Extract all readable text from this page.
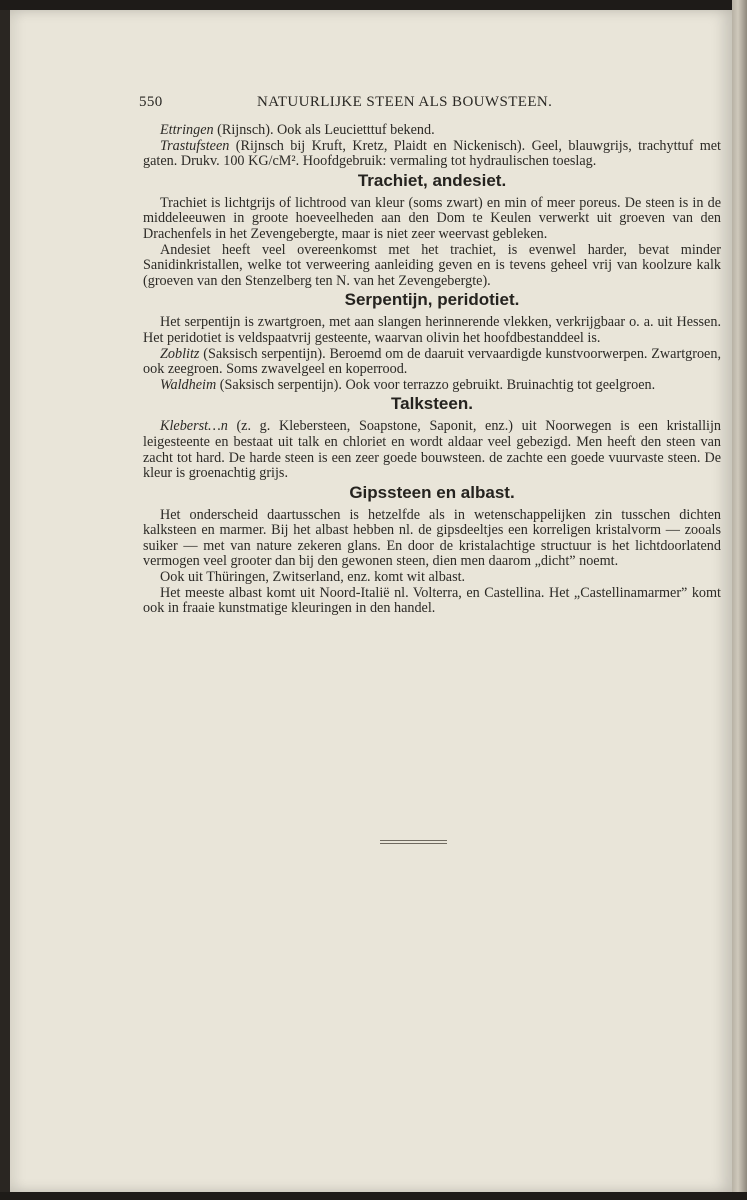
550	NATUURLIJKE STEEN ALS BOUWSTEEN.

Ettringen (Rijnsch). Ook als Leucietttuf bekend.

Trastufsteen (Rijnsch bij Kruft, Kretz, Plaidt en Nickenisch). Geel, blauwgrijs, trachyttuf met gaten. Drukv. 100 KG/cM². Hoofdgebruik: vermaling tot hydraulischen toeslag.

Trachiet, andesiet.

Trachiet is lichtgrijs of lichtrood van kleur (soms zwart) en min of meer poreus. De steen is in de middeleeuwen in groote hoeveelheden aan den Dom te Keulen verwerkt uit groeven van den Drachenfels in het Zevengebergte, maar is niet zeer weervast gebleken.

Andesiet heeft veel overeenkomst met het trachiet, is evenwel harder, bevat minder Sanidinkristallen, welke tot verweering aanleiding geven en is tevens geheel vrij van koolzure kalk (groeven van den Stenzelberg ten N. van het Zevengebergte).

Serpentijn, peridotiet.

Het serpentijn is zwartgroen, met aan slangen herinnerende vlekken, verkrijgbaar o. a. uit Hessen. Het peridotiet is veldspaatvrij gesteente, waarvan olivin het hoofdbestanddeel is.

Zoblitz (Saksisch serpentijn). Beroemd om de daaruit vervaardigde kunstvoorwerpen. Zwartgroen, ook zeegroen. Soms zwavelgeel en koperrood.

Waldheim (Saksisch serpentijn). Ook voor terrazzo gebruikt. Bruinachtig tot geelgroen.

Talksteen.

Kleberst…n (z. g. Klebersteen, Soapstone, Saponit, enz.) uit Noorwegen is een kristallijn leigesteente en bestaat uit talk en chloriet en wordt aldaar veel gebezigd. Men heeft den steen van zacht tot hard. De harde steen is een zeer goede bouwsteen. de zachte een goede vuurvaste steen. De kleur is groenachtig grijs.

Gipssteen en albast.

Het onderscheid daartusschen is hetzelfde als in wetenschappelijken zin tusschen dichten kalksteen en marmer. Bij het albast hebben nl. de gipsdeeltjes een korreligen kristalvorm — zooals suiker — met van nature zekeren glans. En door de kristalachtige structuur is het lichtdoorlatend vermogen veel grooter dan bij den gewonen steen, dien men daarom „dicht” noemt.

Ook uit Thüringen, Zwitserland, enz. komt wit albast.

Het meeste albast komt uit Noord-Italië nl. Volterra, en Castellina. Het „Castellinamarmer” komt ook in fraaie kunstmatige kleuringen in den handel.
